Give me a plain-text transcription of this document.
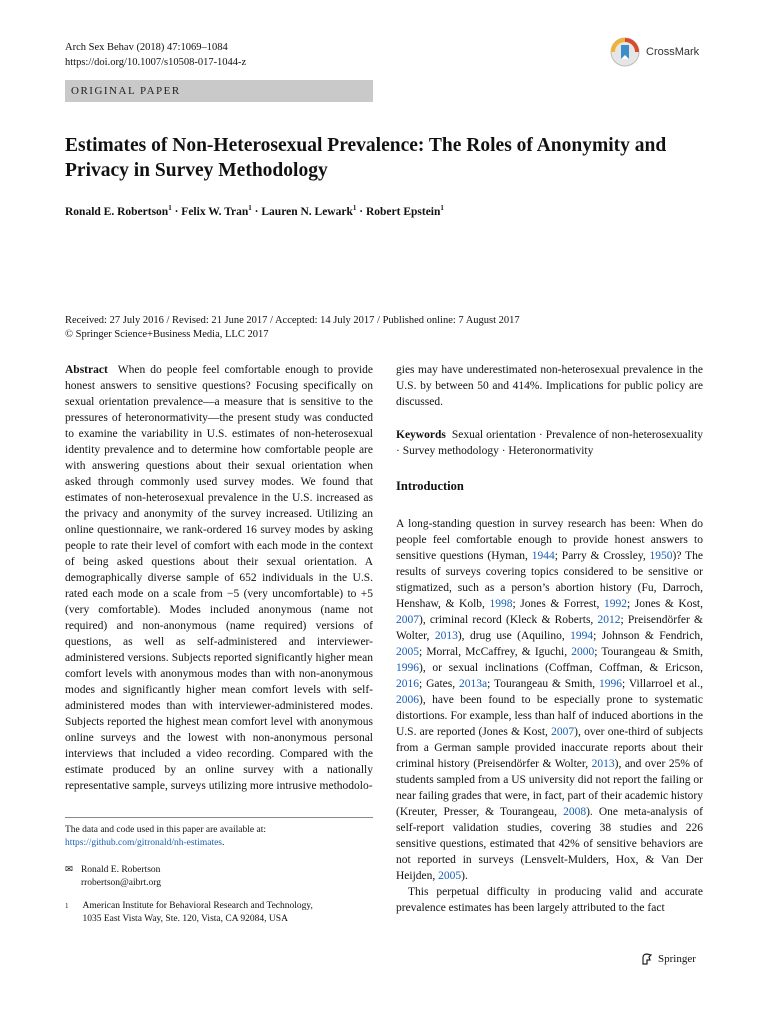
Arch Sex Behav (2018) 47:1069–1084
https://doi.org/10.1007/s10508-017-1044-z
CrossMark
ORIGINAL PAPER
Estimates of Non-Heterosexual Prevalence: The Roles of Anonymity and Privacy in Survey Methodology
Ronald E. Robertson$^1$ · Felix W. Tran$^1$ · Lauren N. Lewark$^1$ · Robert Epstein$^1$
Received: 27 July 2016 / Revised: 21 June 2017 / Accepted: 14 July 2017 / Published online: 7 August 2017
© Springer Science+Business Media, LLC 2017

Abstract When do people feel comfortable enough to provide honest answers to sensitive questions? Focusing specifically on sexual orientation prevalence—a measure that is sensitive to the pressures of heteronormativity—the present study was conducted to examine the variability in U.S. estimates of non-heterosexual identity prevalence and to determine how comfortable people are with answering questions about their sexual orientation when asked through commonly used survey modes. We found that estimates of non-heterosexual prevalence in the U.S. increased as the privacy and anonymity of the survey increased. Utilizing an online questionnaire, we rank-ordered 16 survey modes by asking people to rate their level of comfort with each mode in the context of being asked questions about their sexual orientation. A demographically diverse sample of 652 individuals in the U.S. rated each mode on a scale from −5 (very uncomfortable) to +5 (very comfortable). Modes included anonymous (name not required) and non-anonymous (name required) versions of questions, as well as self-administered and interviewer-administered versions. Subjects reported significantly higher mean comfort levels with anonymous modes than with non-anonymous modes and significantly higher mean comfort levels with self-administered modes than with interviewer-administered modes. Subjects reported the highest mean comfort level with anonymous online surveys and the lowest with non-anonymous personal interviews that included a video recording. Compared with the estimate produced by an online survey with a nationally representative sample, surveys utilizing more intrusive methodolo-

The data and code used in this paper are available at: https://github.com/gitronald/nh-estimates.
✉ Ronald E. Robertson
rrobertson@aibrt.org
1 American Institute for Behavioral Research and Technology,
1035 East Vista Way, Ste. 120, Vista, CA 92084, USA

gies may have underestimated non-heterosexual prevalence in the U.S. by between 50 and 414%. Implications for public policy are discussed.

Keywords Sexual orientation · Prevalence of non-heterosexuality · Survey methodology · Heteronormativity

Introduction

A long-standing question in survey research has been: When do people feel comfortable enough to provide honest answers to sensitive questions (Hyman, 1944; Parry & Crossley, 1950)? The results of surveys covering topics considered to be sensitive or stigmatized, such as a person’s abortion history (Fu, Darroch, Henshaw, & Kolb, 1998; Jones & Forrest, 1992; Jones & Kost, 2007), criminal record (Kleck & Roberts, 2012; Preisendörfer & Wolter, 2013), drug use (Aquilino, 1994; Johnson & Fendrich, 2005; Morral, McCaffrey, & Iguchi, 2000; Tourangeau & Smith, 1996), or sexual inclinations (Coffman, Coffman, & Ericson, 2016; Gates, 2013a; Tourangeau & Smith, 1996; Villarroel et al., 2006), have been found to be especially prone to systematic distortions. For example, less than half of induced abortions in the U.S. are reported (Jones & Kost, 2007), over one-third of subjects from a German sample provided inaccurate reports about their criminal history (Preisendörfer & Wolter, 2013), and over 25% of students sampled from a US university did not report the failing or near failing grades that were, in fact, part of their academic history (Kreuter, Presser, & Tourangeau, 2008). One meta-analysis of self-report validation studies, covering 38 studies and 226 sensitive questions, estimated that 42% of sensitive behaviors are not reported in surveys (Lensvelt-Mulders, Hox, & Van Der Heijden, 2005).

This perpetual difficulty in producing valid and accurate prevalence estimates has been largely attributed to the fact

Springer
